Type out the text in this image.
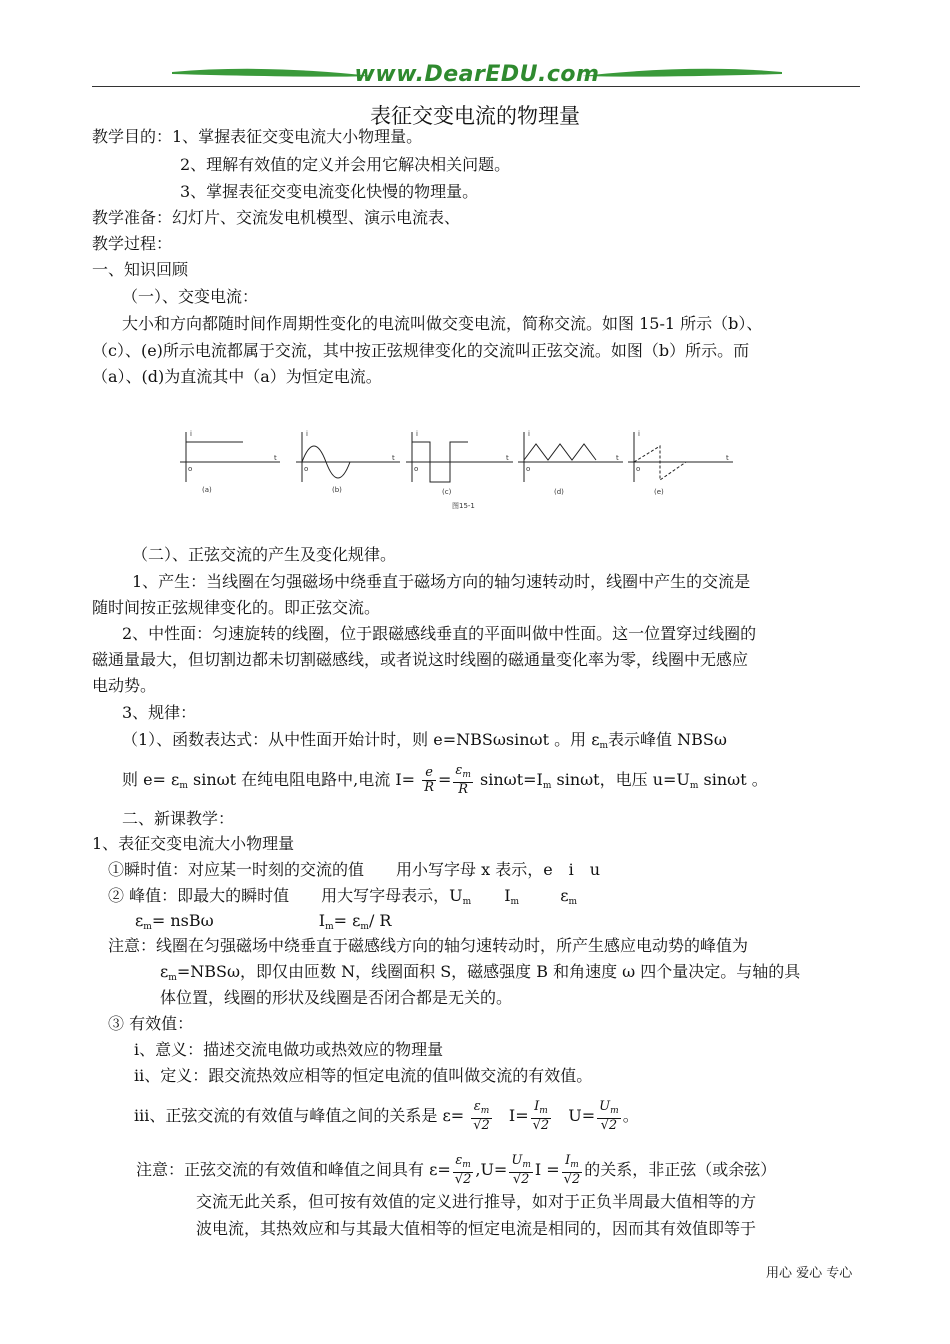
www.DearEDU.com
表征交变电流的物理量
教学目的：1、掌握表征交变电流大小物理量。
2、理解有效值的定义并会用它解决相关问题。
3、掌握表征交变电流变化快慢的物理量。
教学准备：幻灯片、交流发电机模型、演示电流表、
教学过程：
一、知识回顾
（一）、交变电流：
大小和方向都随时间作周期性变化的电流叫做交变电流，简称交流。如图 15-1 所示（b）、
（c）、(e)所示电流都属于交流，其中按正弦规律变化的交流叫正弦交流。如图（b）所示。而
（a）、(d)为直流其中（a）为恒定电流。
i
o
t
i
o
t
i
o
t
i
o
t
i
o
t
(a)	(b)	(c)	(d)	(e)
图15-1
（二）、正弦交流的产生及变化规律。
1、产生：当线圈在匀强磁场中绕垂直于磁场方向的轴匀速转动时，线圈中产生的交流是
随时间按正弦规律变化的。即正弦交流。
2、中性面：匀速旋转的线圈，位于跟磁感线垂直的平面叫做中性面。这一位置穿过线圈的
磁通量最大，但切割边都未切割磁感线，或者说这时线圈的磁通量变化率为零，线圈中无感应
电动势。
3、规律：
（1）、函数表达式：从中性面开始计时，则 e=NBSωsinωt 。用 $\varepsilon_m$表示峰值 NBSω
则 $e= \varepsilon_m$ sinωt 在纯电阻电路中,电流 $I= \frac{e}{R} = \frac{\varepsilon_m}{R} \sin\omega t=I_m$ sinωt，电压 $u=U_m$ sinωt 。
二、新课教学：
1、表征交变电流大小物理量
①瞬时值：对应某一时刻的交流的值　　用小写字母 x 表示，e　i　u
② 峰值：即最大的瞬时值　　用大写字母表示，$U_m$ $I_m$	$\varepsilon_m$
$\varepsilon_m= nsB\omega$	$I_m= \varepsilon_m/$ R
注意：线圈在匀强磁场中绕垂直于磁感线方向的轴匀速转动时，所产生感应电动势的峰值为
$\varepsilon_m=NBS\omega$，即仅由匝数 N，线圈面积 S，磁感强度 B 和角速度 ω 四个量决定。与轴的具
体位置，线圈的形状及线圈是否闭合都是无关的。
③ 有效值：
ⅰ、意义：描述交流电做功或热效应的物理量
ⅱ、定义：跟交流热效应相等的恒定电流的值叫做交流的有效值。
ⅲ、正弦交流的有效值与峰值之间的关系是 $\varepsilon= \frac{\varepsilon_m}{√2} I= \frac{I_m}{√2} U= \frac{U_m}{√2}$ 。
注意：正弦交流的有效值和峰值之间具有 $\varepsilon= \frac{\varepsilon_m}{√2} ,U= \frac{U_m}{√2}$ $I = \frac{I_m}{√2}$ 的关系，非正弦（或余弦）
交流无此关系，但可按有效值的定义进行推导，如对于正负半周最大值相等的方
波电流，其热效应和与其最大值相等的恒定电流是相同的，因而其有效值即等于
用心 爱心 专心
